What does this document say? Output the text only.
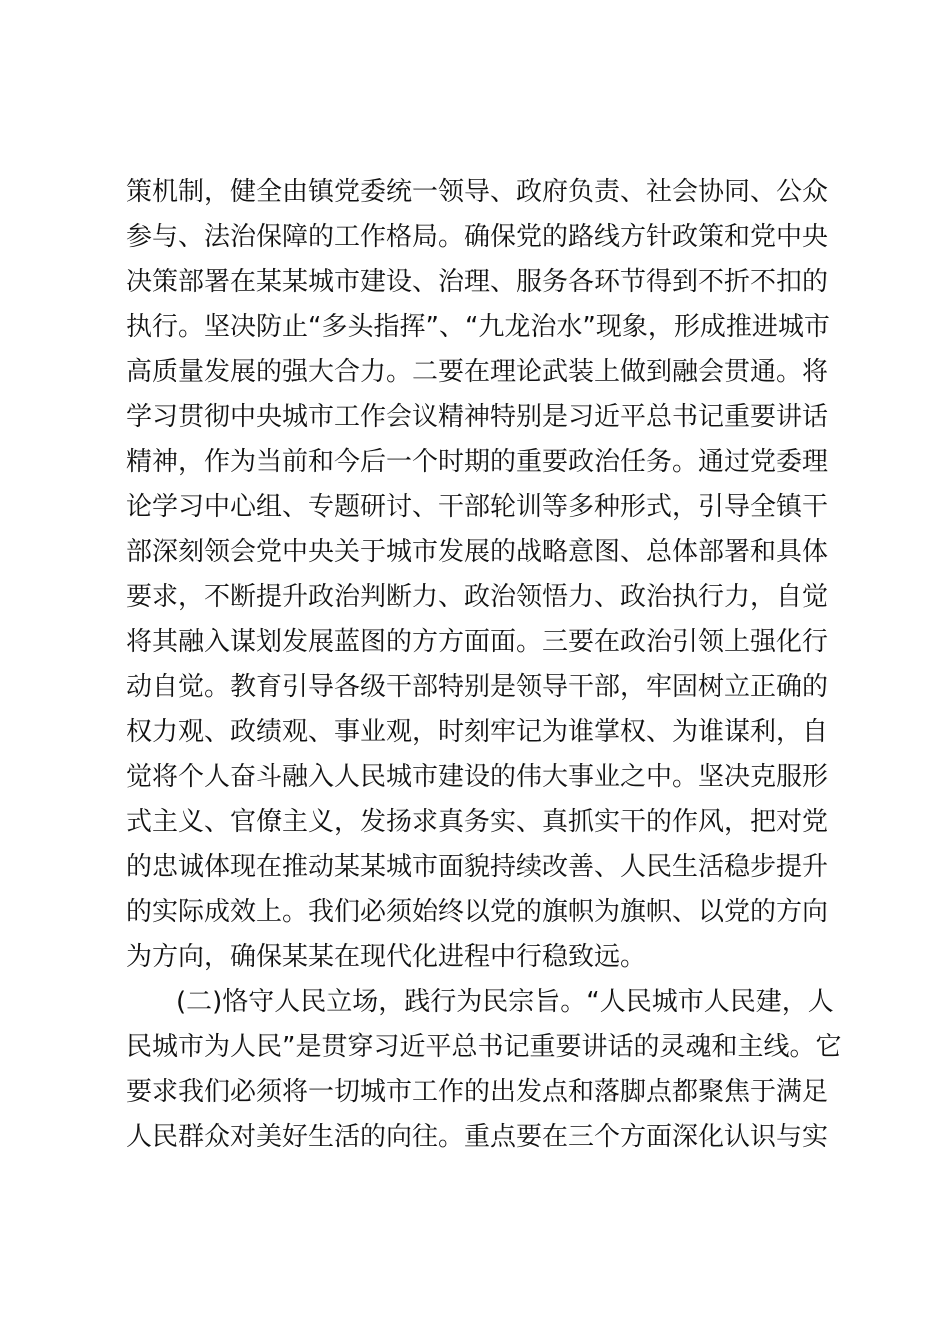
策机制，健全由镇党委统一领导、政府负责、社会协同、公众
参与、法治保障的工作格局。确保党的路线方针政策和党中央
决策部署在某某城市建设、治理、服务各环节得到不折不扣的
执行。坚决防止“多头指挥”、“九龙治水”现象，形成推进城市
高质量发展的强大合力。二要在理论武装上做到融会贯通。将
学习贯彻中央城市工作会议精神特别是习近平总书记重要讲话
精神，作为当前和今后一个时期的重要政治任务。通过党委理
论学习中心组、专题研讨、干部轮训等多种形式，引导全镇干
部深刻领会党中央关于城市发展的战略意图、总体部署和具体
要求，不断提升政治判断力、政治领悟力、政治执行力，自觉
将其融入谋划发展蓝图的方方面面。三要在政治引领上强化行
动自觉。教育引导各级干部特别是领导干部，牢固树立正确的
权力观、政绩观、事业观，时刻牢记为谁掌权、为谁谋利，自
觉将个人奋斗融入人民城市建设的伟大事业之中。坚决克服形
式主义、官僚主义，发扬求真务实、真抓实干的作风，把对党
的忠诚体现在推动某某城市面貌持续改善、人民生活稳步提升
的实际成效上。我们必须始终以党的旗帜为旗帜、以党的方向
为方向，确保某某在现代化进程中行稳致远。
(二)恪守人民立场，践行为民宗旨。“人民城市人民建，人
民城市为人民”是贯穿习近平总书记重要讲话的灵魂和主线。它
要求我们必须将一切城市工作的出发点和落脚点都聚焦于满足
人民群众对美好生活的向往。重点要在三个方面深化认识与实
